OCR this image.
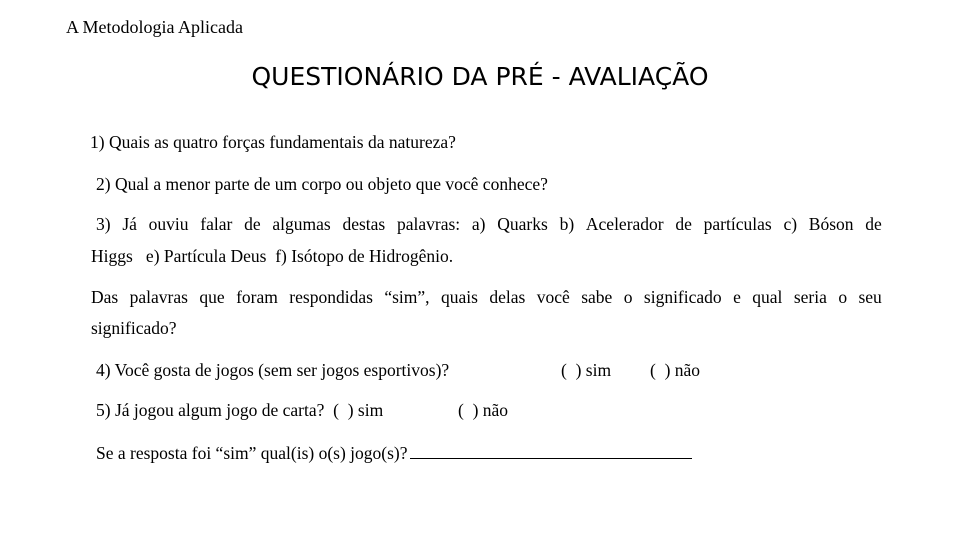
A Metodologia Aplicada
QUESTIONÁRIO DA PRÉ - AVALIAÇÃO
1) Quais as quatro forças fundamentais da natureza?
2) Qual a menor parte de um corpo ou objeto que você conhece?
3) Já ouviu falar de algumas destas palavras: a) Quarks b) Acelerador de partículas c) Bóson de
Higgs   e) Partícula Deus  f) Isótopo de Hidrogênio.
Das palavras que foram respondidas “sim”, quais delas você sabe o significado e qual seria o seu
significado?
4) Você gosta de jogos (sem ser jogos esportivos)?	(  ) sim (  ) não
5) Já jogou algum jogo de carta?  (  ) sim	(  ) não
Se a resposta foi “sim” qual(is) o(s) jogo(s)?
